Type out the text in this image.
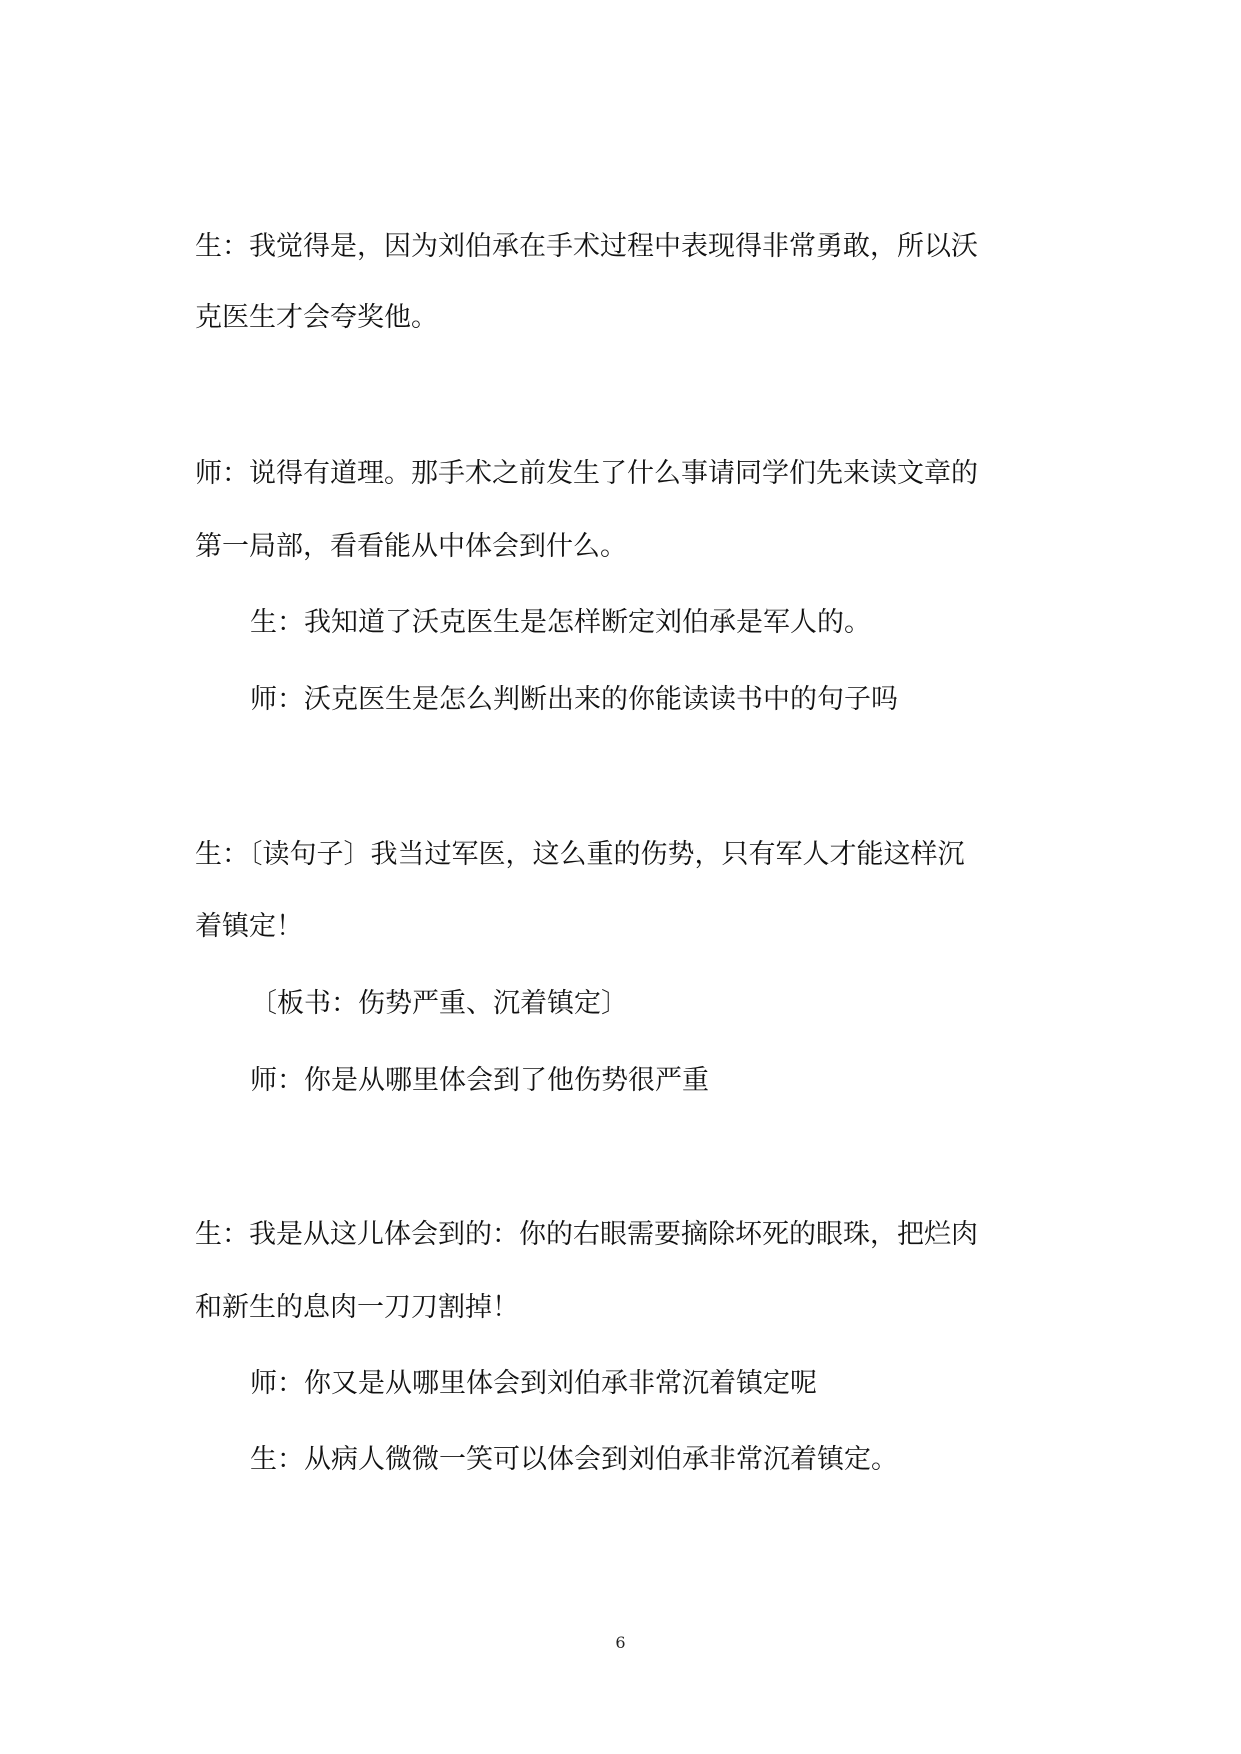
生：我觉得是，因为刘伯承在手术过程中表现得非常勇敢，所以沃
克医生才会夸奖他。
师：说得有道理。那手术之前发生了什么事请同学们先来读文章的
第一局部，看看能从中体会到什么。
生：我知道了沃克医生是怎样断定刘伯承是军人的。
师：沃克医生是怎么判断出来的你能读读书中的句子吗
生：〔读句子〕我当过军医，这么重的伤势，只有军人才能这样沉
着镇定！
〔板书：伤势严重、沉着镇定〕
师：你是从哪里体会到了他伤势很严重
生：我是从这儿体会到的：你的右眼需要摘除坏死的眼珠，把烂肉
和新生的息肉一刀刀割掉！
师：你又是从哪里体会到刘伯承非常沉着镇定呢
生：从病人微微一笑可以体会到刘伯承非常沉着镇定。
6
